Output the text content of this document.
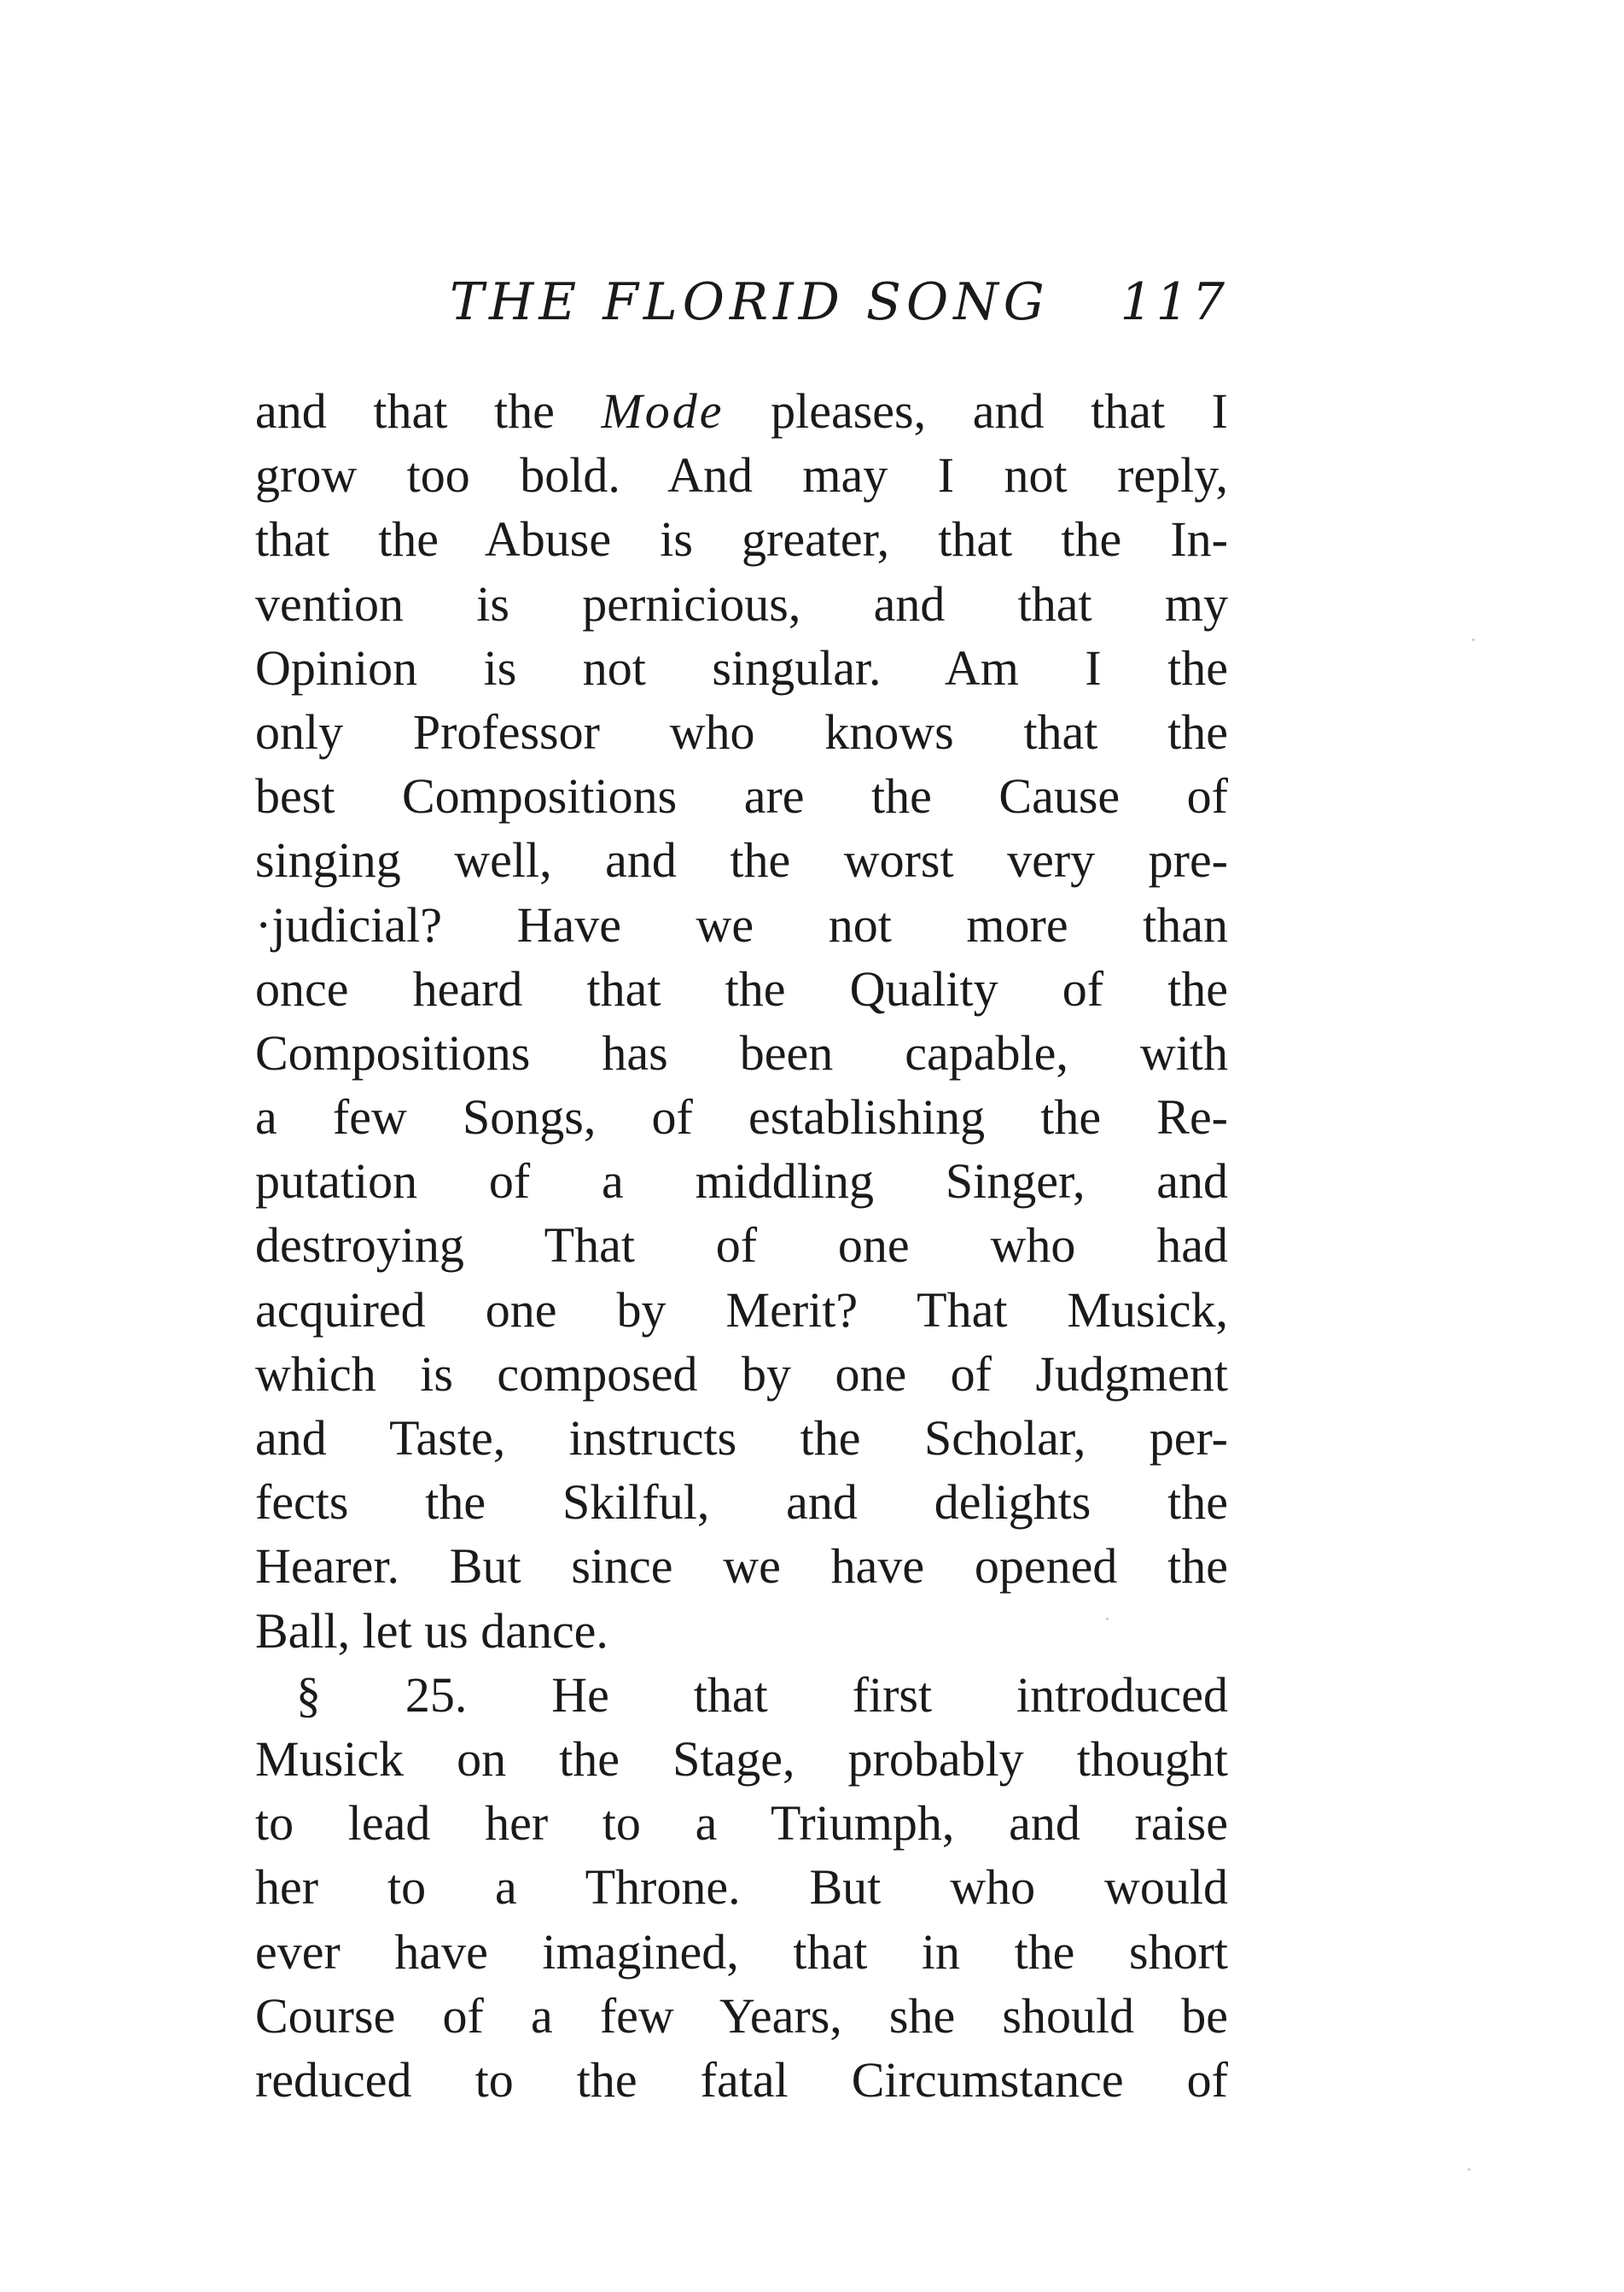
THE FLORID SONG 117
and that the Mode pleases, and that I
grow too bold. And may I not reply,
that the Abuse is greater, that the In-
vention is pernicious, and that my
Opinion is not singular. Am I the
only Professor who knows that the
best Compositions are the Cause of
singing well, and the worst very pre-
·judicial? Have we not more than
once heard that the Quality of the
Compositions has been capable, with
a few Songs, of establishing the Re-
putation of a middling Singer, and
destroying That of one who had
acquired one by Merit? That Musick,
which is composed by one of Judgment
and Taste, instructs the Scholar, per-
fects the Skilful, and delights the
Hearer. But since we have opened the
Ball, let us dance.
§ 25. He that first introduced
Musick on the Stage, probably thought
to lead her to a Triumph, and raise
her to a Throne. But who would
ever have imagined, that in the short
Course of a few Years, she should be
reduced to the fatal Circumstance of
